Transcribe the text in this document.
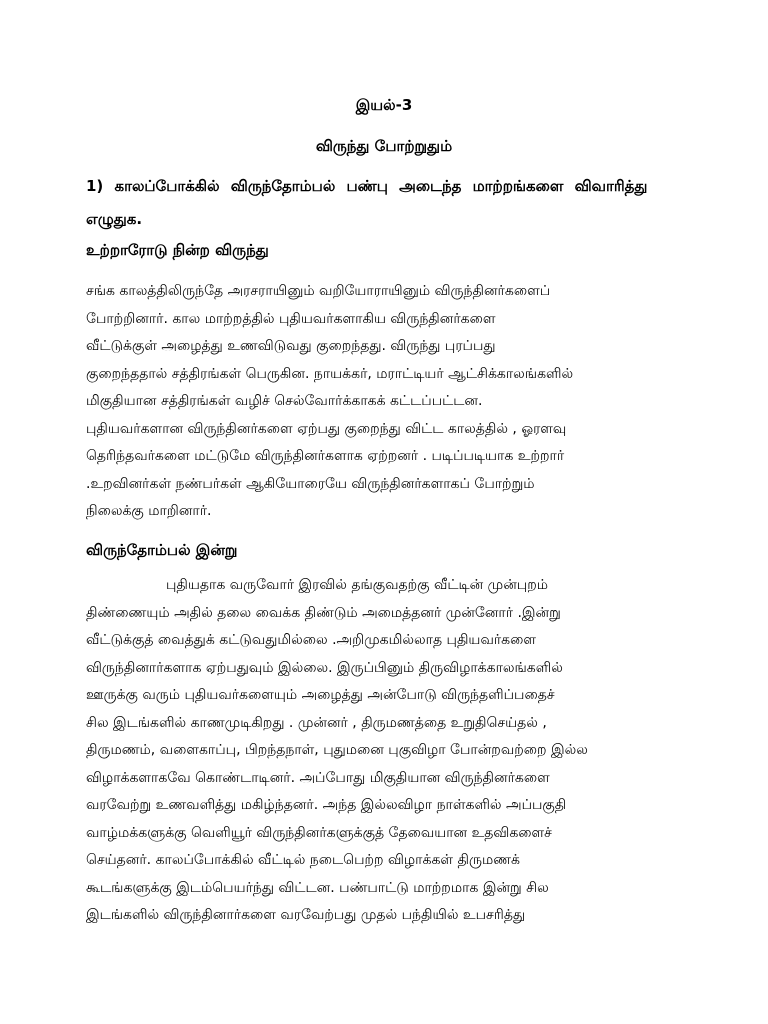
இயல்-3
விருந்து போற்றுதும்
1) காலப்போக்கில் விருந்தோம்பல் பண்பு அடைந்த மாற்றங்களை விவாரித்து
எழுதுக.
உற்றாரோடு நின்ற விருந்து
சங்க காலத்திலிருந்தே அரசராயினும் வறியோராயினும் விருந்தினர்களைப்
போற்றினார். கால மாற்றத்தில் புதியவர்களாகிய விருந்தினர்களை
வீட்டுக்குள் அழைத்து உணவிடுவது குறைந்தது. விருந்து புரப்பது
குறைந்ததால் சத்திரங்கள் பெருகின. நாயக்கர், மராட்டியர் ஆட்சிக்காலங்களில்
மிகுதியான சத்திரங்கள் வழிச் செல்வோர்க்காகக் கட்டப்பட்டன.
புதியவர்களான விருந்தினர்களை ஏற்பது குறைந்து விட்ட காலத்தில் , ஓரளவு
தெரிந்தவர்களை மட்டுமே விருந்தினர்களாக ஏற்றனர் . படிப்படியாக உற்றார்
.உறவினர்கள் நண்பர்கள் ஆகியோரையே விருந்தினர்களாகப் போற்றும்
நிலைக்கு மாறினார்.
விருந்தோம்பல் இன்று
புதியதாக வருவோர் இரவில் தங்குவதற்கு வீட்டின் முன்புறம்
திண்ணையும் அதில் தலை வைக்க திண்டும் அமைத்தனர் முன்னோர் .இன்று
வீட்டுக்குத் வைத்துக் கட்டுவதுமில்லை .அறிமுகமில்லாத புதியவர்களை
விருந்தினார்களாக ஏற்பதுவும் இல்லை. இருப்பினும் திருவிழாக்காலங்களில்
ஊருக்கு வரும் புதியவர்களையும் அழைத்து அன்போடு விருந்தளிப்பதைச்
சில இடங்களில் காணமுடிகிறது . முன்னர் , திருமணத்தை உறுதிசெய்தல் ,
திருமணம், வளைகாப்பு, பிறந்தநாள், புதுமனை புகுவிழா போன்றவற்றை இல்ல
விழாக்களாகவே கொண்டாடினர். அப்போது மிகுதியான விருந்தினர்களை
வரவேற்று உணவளித்து மகிழ்ந்தனர். அந்த இல்லவிழா நாள்களில் அப்பகுதி
வாழ்மக்களுக்கு வெளியூர் விருந்தினர்களுக்குத் தேவையான உதவிகளைச்
செய்தனர். காலப்போக்கில் வீட்டில் நடைபெற்ற விழாக்கள் திருமணக்
கூடங்களுக்கு இடம்பெயர்ந்து விட்டன. பண்பாட்டு மாற்றமாக இன்று சில
இடங்களில் விருந்தினார்களை வரவேற்பது முதல் பந்தியில் உபசரித்து
